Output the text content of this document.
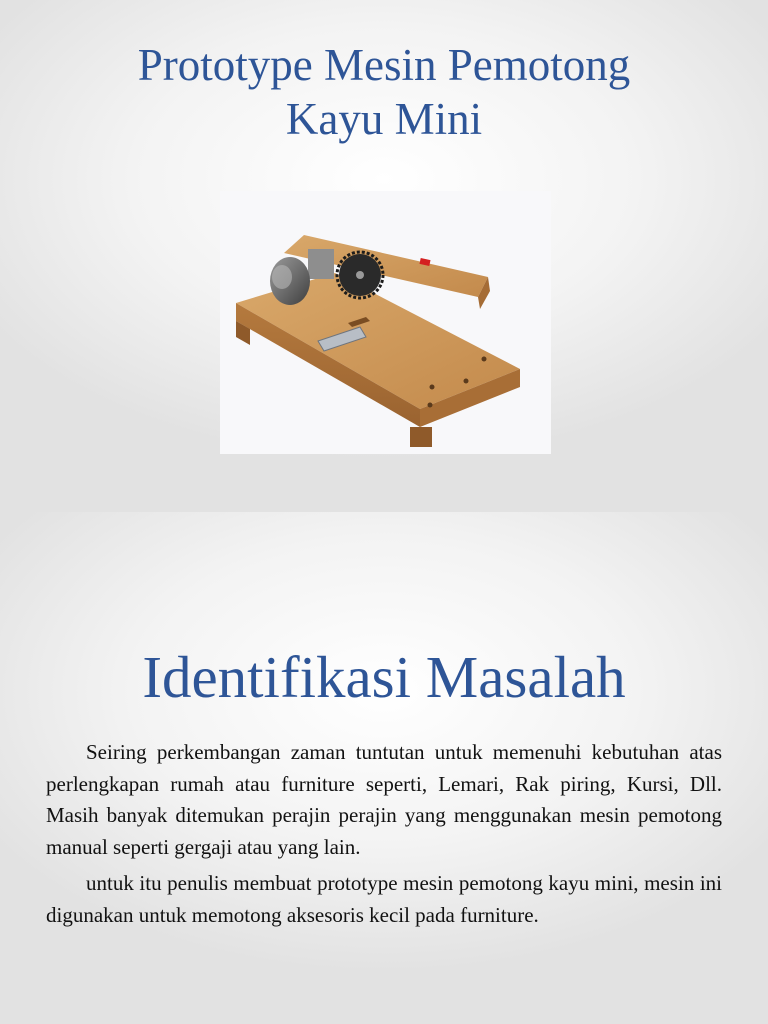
Prototype Mesin Pemotong
Kayu Mini
Identifikasi Masalah

Seiring perkembangan zaman tuntutan untuk memenuhi kebutuhan atas perlengkapan rumah atau furniture seperti, Lemari, Rak piring, Kursi, Dll. Masih banyak ditemukan perajin perajin yang menggunakan mesin pemotong manual seperti gergaji atau yang lain.

untuk itu penulis membuat prototype mesin pemotong kayu mini, mesin ini digunakan untuk memotong aksesoris kecil pada furniture.
